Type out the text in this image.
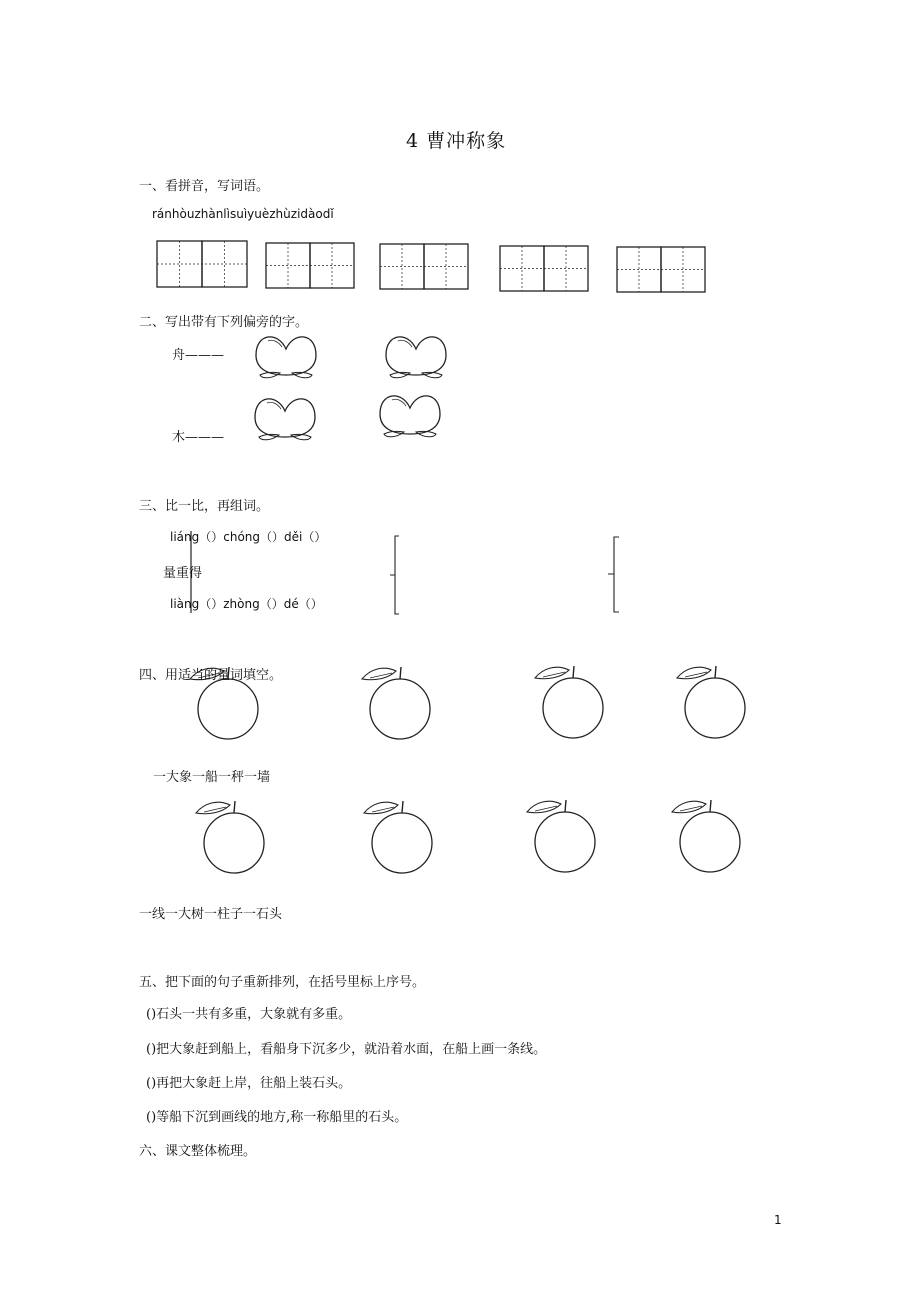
4 曹冲称象
一、看拼音，写词语。
ránhòuzhànlìsuìyuèzhùzidàodǐ
二、写出带有下列偏旁的字。
舟———
木———
三、比一比，再组词。
liáng（）chóng（）děi（）
量重得
liàng（）zhòng（）dé（）
四、用适当的量词填空。
一大象一船一秤一墙
一线一大树一柱子一石头
五、把下面的句子重新排列，在括号里标上序号。
()石头一共有多重，大象就有多重。
()把大象赶到船上，看船身下沉多少，就沿着水面，在船上画一条线。
()再把大象赶上岸，往船上装石头。
()等船下沉到画线的地方,称一称船里的石头。
六、课文整体梳理。
1
